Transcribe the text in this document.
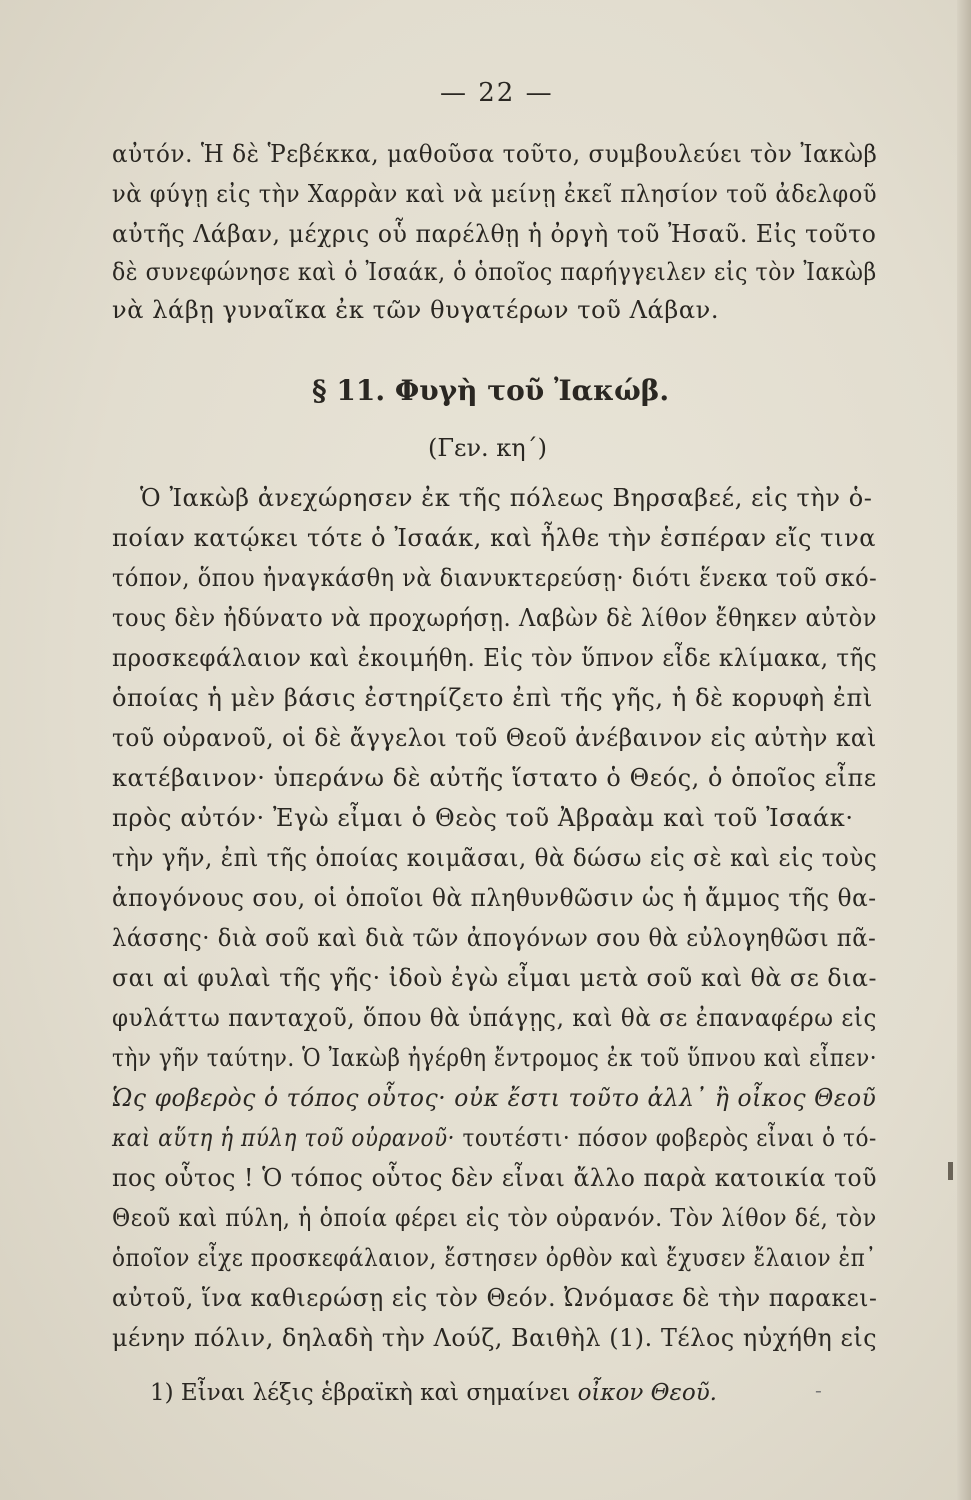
— 22 —
αὐτόν. Ἡ δὲ Ῥεβέκκα, μαθοῦσα τοῦτο, συμβουλεύει τὸν Ἰακὼβ
νὰ φύγῃ εἰς τὴν Χαρρὰν καὶ νὰ μείνῃ ἐκεῖ πλησίον τοῦ ἀδελφοῦ
αὐτῆς Λάβαν, μέχρις οὗ παρέλθῃ ἡ ὀργὴ τοῦ Ἠσαῦ. Εἰς τοῦτο
δὲ συνεφώνησε καὶ ὁ Ἰσαάκ, ὁ ὁποῖος παρήγγειλεν εἰς τὸν Ἰακὼβ
νὰ λάβῃ γυναῖκα ἐκ τῶν θυγατέρων τοῦ Λάβαν.
§ 11. Φυγὴ τοῦ Ἰακώβ.
(Γεν. κη΄)
Ὁ Ἰακὼβ ἀνεχώρησεν ἐκ τῆς πόλεως Βηρσαβεέ, εἰς τὴν ὁ-
ποίαν κατῴκει τότε ὁ Ἰσαάκ, καὶ ἦλθε τὴν ἑσπέραν εἴς τινα
τόπον, ὅπου ἠναγκάσθη νὰ διανυκτερεύσῃ· διότι ἕνεκα τοῦ σκό-
τους δὲν ἠδύνατο νὰ προχωρήσῃ. Λαβὼν δὲ λίθον ἔθηκεν αὐτὸν
προσκεφάλαιον καὶ ἐκοιμήθη. Εἰς τὸν ὕπνον εἶδε κλίμακα, τῆς
ὁποίας ἡ μὲν βάσις ἐστηρίζετο ἐπὶ τῆς γῆς, ἡ δὲ κορυφὴ ἐπὶ
τοῦ οὐρανοῦ, οἱ δὲ ἄγγελοι τοῦ Θεοῦ ἀνέβαινον εἰς αὐτὴν καὶ
κατέβαινον· ὑπεράνω δὲ αὐτῆς ἵστατο ὁ Θεός, ὁ ὁποῖος εἶπε
πρὸς αὐτόν· Ἐγὼ εἶμαι ὁ Θεὸς τοῦ Ἀβραὰμ καὶ τοῦ Ἰσαάκ·
τὴν γῆν, ἐπὶ τῆς ὁποίας κοιμᾶσαι, θὰ δώσω εἰς σὲ καὶ εἰς τοὺς
ἀπογόνους σου, οἱ ὁποῖοι θὰ πληθυνθῶσιν ὡς ἡ ἄμμος τῆς θα-
λάσσης· διὰ σοῦ καὶ διὰ τῶν ἀπογόνων σου θὰ εὐλογηθῶσι πᾶ-
σαι αἱ φυλαὶ τῆς γῆς· ἰδοὺ ἐγὼ εἶμαι μετὰ σοῦ καὶ θὰ σε δια-
φυλάττω πανταχοῦ, ὅπου θὰ ὑπάγῃς, καὶ θὰ σε ἐπαναφέρω εἰς
τὴν γῆν ταύτην. Ὁ Ἰακὼβ ἠγέρθη ἔντρομος ἐκ τοῦ ὕπνου καὶ εἶπεν·
Ὡς φοβερὸς ὁ τόπος οὗτος· οὐκ ἔστι τοῦτο ἀλλ᾽ ἢ οἶκος Θεοῦ
καὶ αὕτη ἡ πύλη τοῦ οὐρανοῦ· τουτέστι· πόσον φοβερὸς εἶναι ὁ τό-
πος οὗτος ! Ὁ τόπος οὗτος δὲν εἶναι ἄλλο παρὰ κατοικία τοῦ
Θεοῦ καὶ πύλη, ἡ ὁποία φέρει εἰς τὸν οὐρανόν. Τὸν λίθον δέ, τὸν
ὁποῖον εἶχε προσκεφάλαιον, ἔστησεν ὀρθὸν καὶ ἔχυσεν ἔλαιον ἐπ᾽
αὐτοῦ, ἵνα καθιερώσῃ εἰς τὸν Θεόν. Ὠνόμασε δὲ τὴν παρακει-
μένην πόλιν, δηλαδὴ τὴν Λούζ, Βαιθὴλ (1). Τέλος ηὐχήθη εἰς
1) Εἶναι λέξις ἑβραϊκὴ καὶ σημαίνει οἶκον Θεοῦ.	-
